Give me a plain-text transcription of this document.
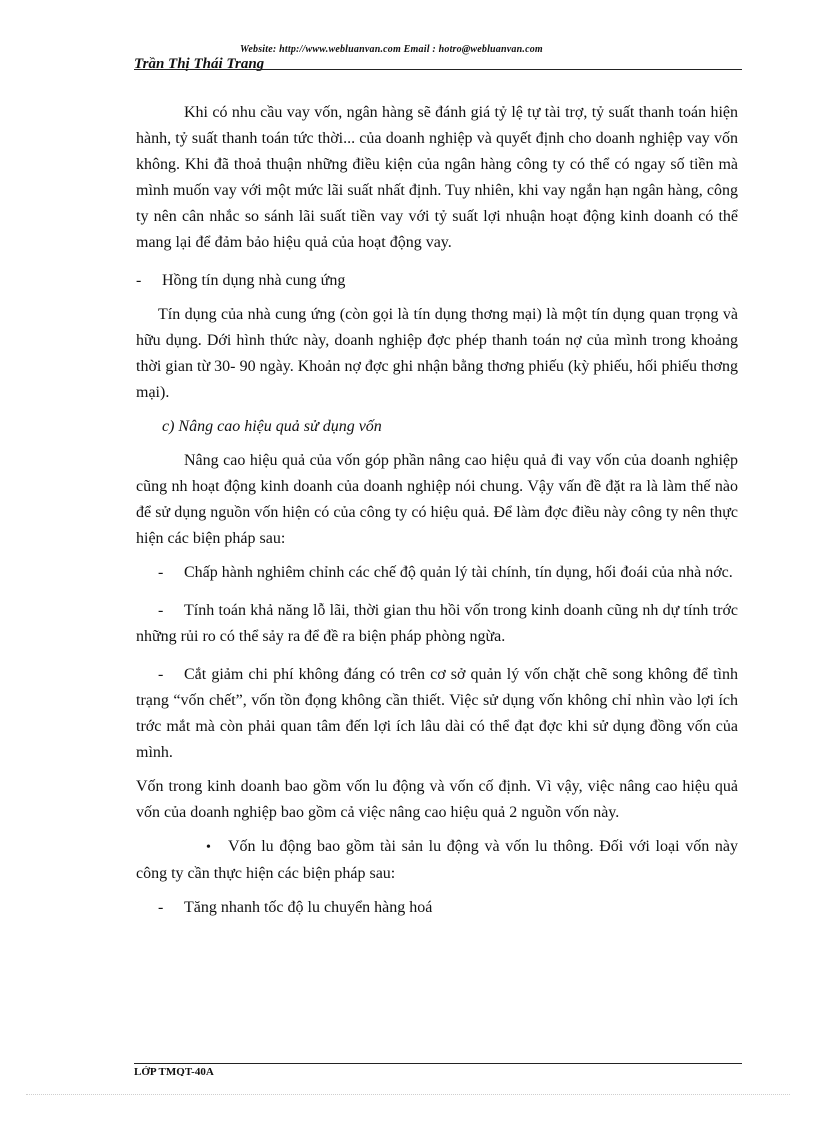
Website: http://www.webluanvan.com Email : hotro@webluanvan.com
Trần Thị Thái Trang

Khi có nhu cầu vay vốn, ngân hàng sẽ đánh giá tỷ lệ tự tài trợ, tỷ suất thanh toán hiện hành, tỷ suất thanh toán tức thời... của doanh nghiệp và quyết định cho doanh nghiệp vay vốn không. Khi đã thoả thuận những điều kiện của ngân hàng công ty có thể có ngay số tiền mà mình muốn vay với một mức lãi suất nhất định. Tuy nhiên, khi vay ngắn hạn ngân hàng, công ty nên cân nhắc so sánh lãi suất tiền vay với tỷ suất lợi nhuận hoạt động kinh doanh có thể mang lại để đảm bảo hiệu quả của hoạt động vay.

- Hồng tín dụng nhà cung ứng

Tín dụng của nhà cung ứng (còn gọi là tín dụng thơng mại) là một tín dụng quan trọng và hữu dụng. Dới hình thức này, doanh nghiệp đợc phép thanh toán nợ của mình trong khoảng thời gian từ 30- 90 ngày. Khoản nợ đợc ghi nhận bằng thơng phiếu (kỳ phiếu, hối phiếu thơng mại).

c) Nâng cao hiệu quả sử dụng vốn

Nâng cao hiệu quả của vốn góp phần nâng cao hiệu quả đi vay vốn của doanh nghiệp cũng nh hoạt động kinh doanh của doanh nghiệp nói chung. Vậy vấn đề đặt ra là làm thế nào để sử dụng nguồn vốn hiện có của công ty có hiệu quả. Để làm đợc điều này công ty nên thực hiện các biện pháp sau:

- Chấp hành nghiêm chỉnh các chế độ quản lý tài chính, tín dụng, hối đoái của nhà nớc.

- Tính toán khả năng lỗ lãi, thời gian thu hồi vốn trong kinh doanh cũng nh dự tính trớc những rủi ro có thể sảy ra để đề ra biện pháp phòng ngừa.

- Cắt giảm chi phí không đáng có trên cơ sở quản lý vốn chặt chẽ song không để tình trạng “vốn chết”, vốn tồn đọng không cần thiết. Việc sử dụng vốn không chỉ nhìn vào lợi ích trớc mắt mà còn phải quan tâm đến lợi ích lâu dài có thể đạt đợc khi sử dụng đồng vốn của mình.

Vốn trong kinh doanh bao gồm vốn lu động và vốn cố định. Vì vậy, việc nâng cao hiệu quả vốn của doanh nghiệp bao gồm cả việc nâng cao hiệu quả 2 nguồn vốn này.

• Vốn lu động bao gồm tài sản lu động và vốn lu thông. Đối với loại vốn này công ty cần thực hiện các biện pháp sau:

- Tăng nhanh tốc độ lu chuyển hàng hoá

LỚP TMQT-40A
